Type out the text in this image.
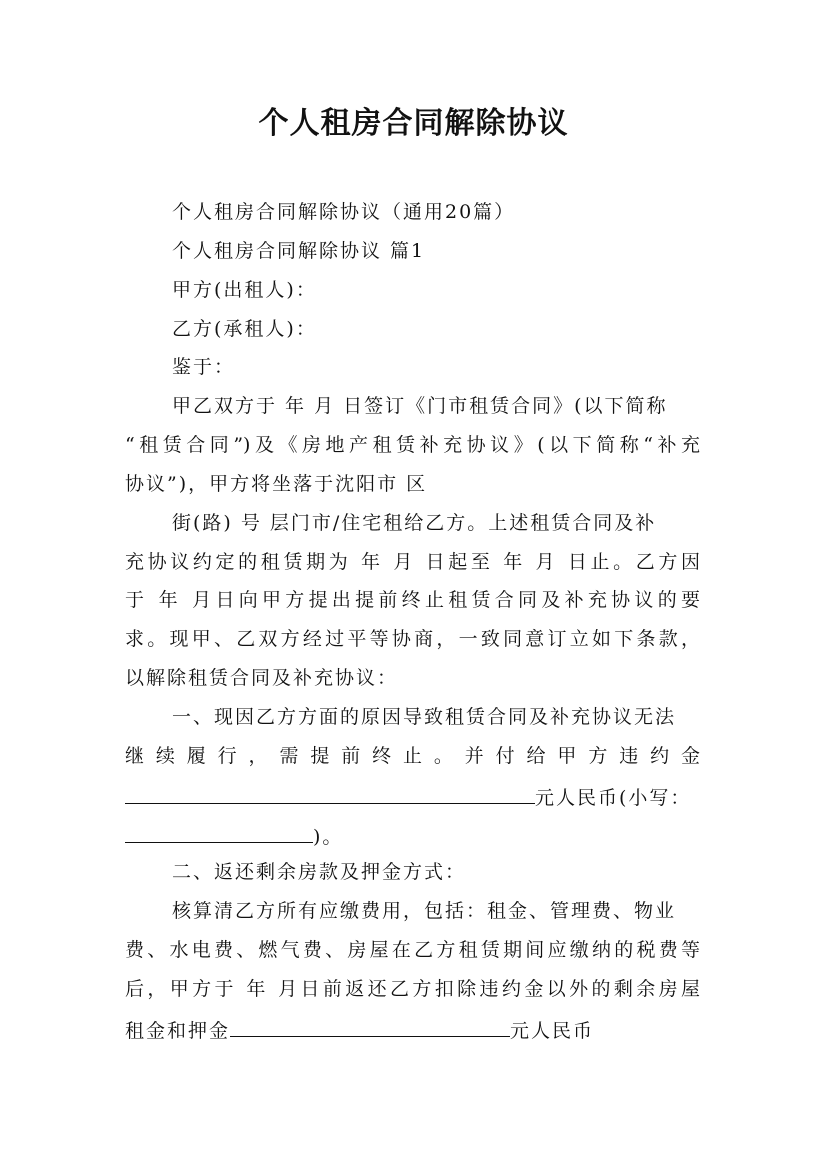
个人租房合同解除协议
个人租房合同解除协议（通用20篇）
个人租房合同解除协议 篇1
甲方(出租人)：
乙方(承租人)：
鉴于：
甲乙双方于 年 月 日签订《门市租赁合同》(以下简称
“租赁合同”)及《房地产租赁补充协议》(以下简称“补充
协议”)，甲方将坐落于沈阳市 区
街(路) 号 层门市/住宅租给乙方。上述租赁合同及补
充协议约定的租赁期为 年 月 日起至 年 月 日止。乙方因
于 年 月日向甲方提出提前终止租赁合同及补充协议的要
求。现甲、乙双方经过平等协商，一致同意订立如下条款，
以解除租赁合同及补充协议：
一、现因乙方方面的原因导致租赁合同及补充协议无法
继续履行，需提前终止。并付给甲方违约金
元人民币(小写：
)。
二、返还剩余房款及押金方式：
核算清乙方所有应缴费用，包括：租金、管理费、物业
费、水电费、燃气费、房屋在乙方租赁期间应缴纳的税费等
后，甲方于 年 月日前返还乙方扣除违约金以外的剩余房屋
租金和押金	元人民币
